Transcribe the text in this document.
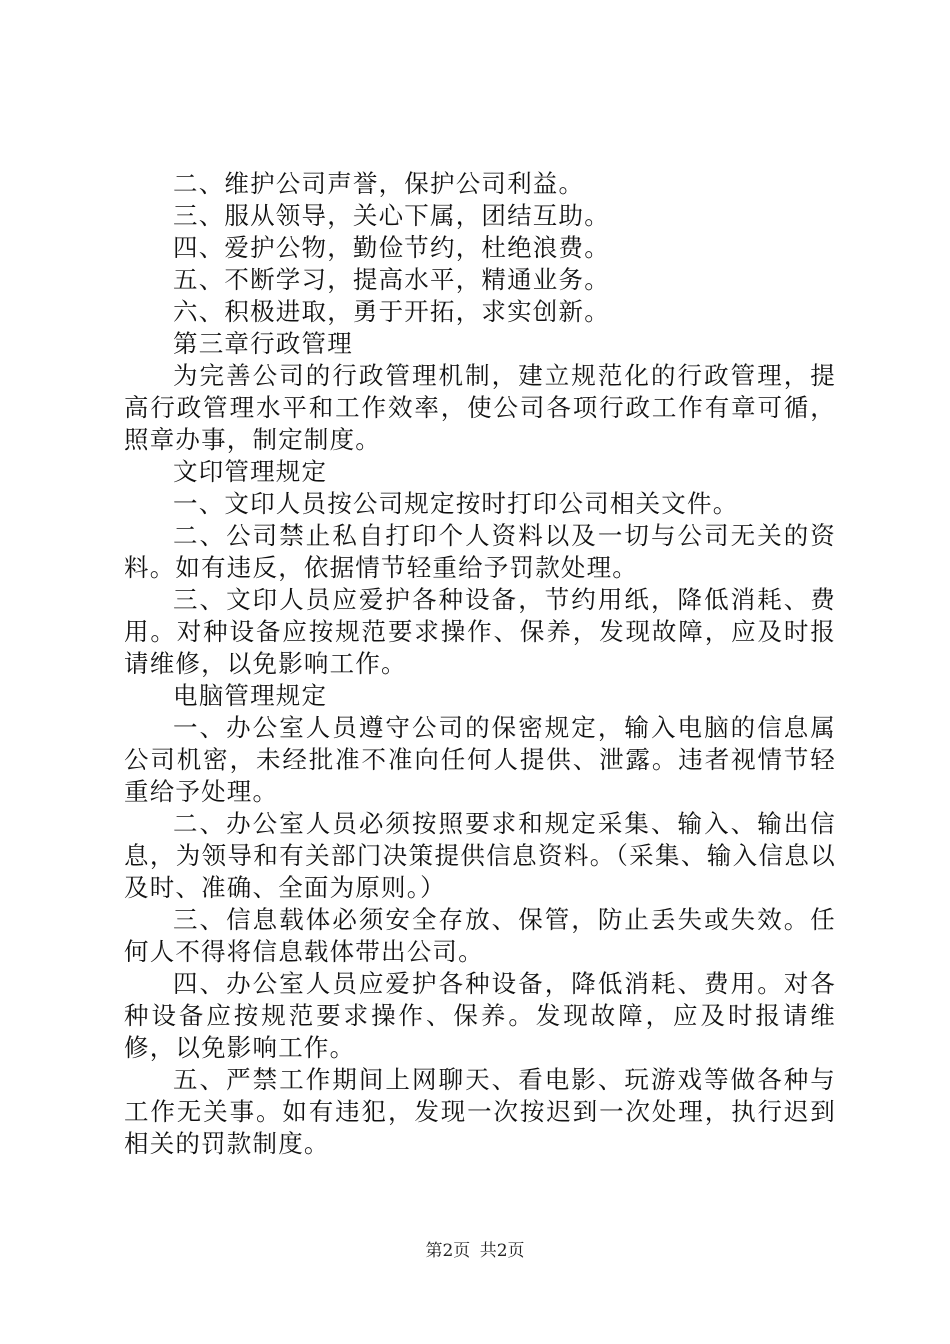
二、维护公司声誉，保护公司利益。

三、服从领导，关心下属，团结互助。

四、爱护公物，勤俭节约，杜绝浪费。

五、不断学习，提高水平，精通业务。

六、积极进取，勇于开拓，求实创新。

第三章行政管理

为完善公司的行政管理机制，建立规范化的行政管理，提高行政管理水平和工作效率，使公司各项行政工作有章可循，照章办事，制定制度。

文印管理规定

一、文印人员按公司规定按时打印公司相关文件。

二、公司禁止私自打印个人资料以及一切与公司无关的资料。如有违反，依据情节轻重给予罚款处理。

三、文印人员应爱护各种设备，节约用纸，降低消耗、费用。对种设备应按规范要求操作、保养，发现故障，应及时报请维修，以免影响工作。

电脑管理规定

一、办公室人员遵守公司的保密规定，输入电脑的信息属公司机密，未经批准不准向任何人提供、泄露。违者视情节轻重给予处理。

二、办公室人员必须按照要求和规定采集、输入、输出信息，为领导和有关部门决策提供信息资料。（采集、输入信息以及时、准确、全面为原则。）

三、信息载体必须安全存放、保管，防止丢失或失效。任何人不得将信息载体带出公司。

四、办公室人员应爱护各种设备，降低消耗、费用。对各种设备应按规范要求操作、保养。发现故障，应及时报请维修，以免影响工作。

五、严禁工作期间上网聊天、看电影、玩游戏等做各种与工作无关事。如有违犯，发现一次按迟到一次处理，执行迟到相关的罚款制度。

第2页 共2页
